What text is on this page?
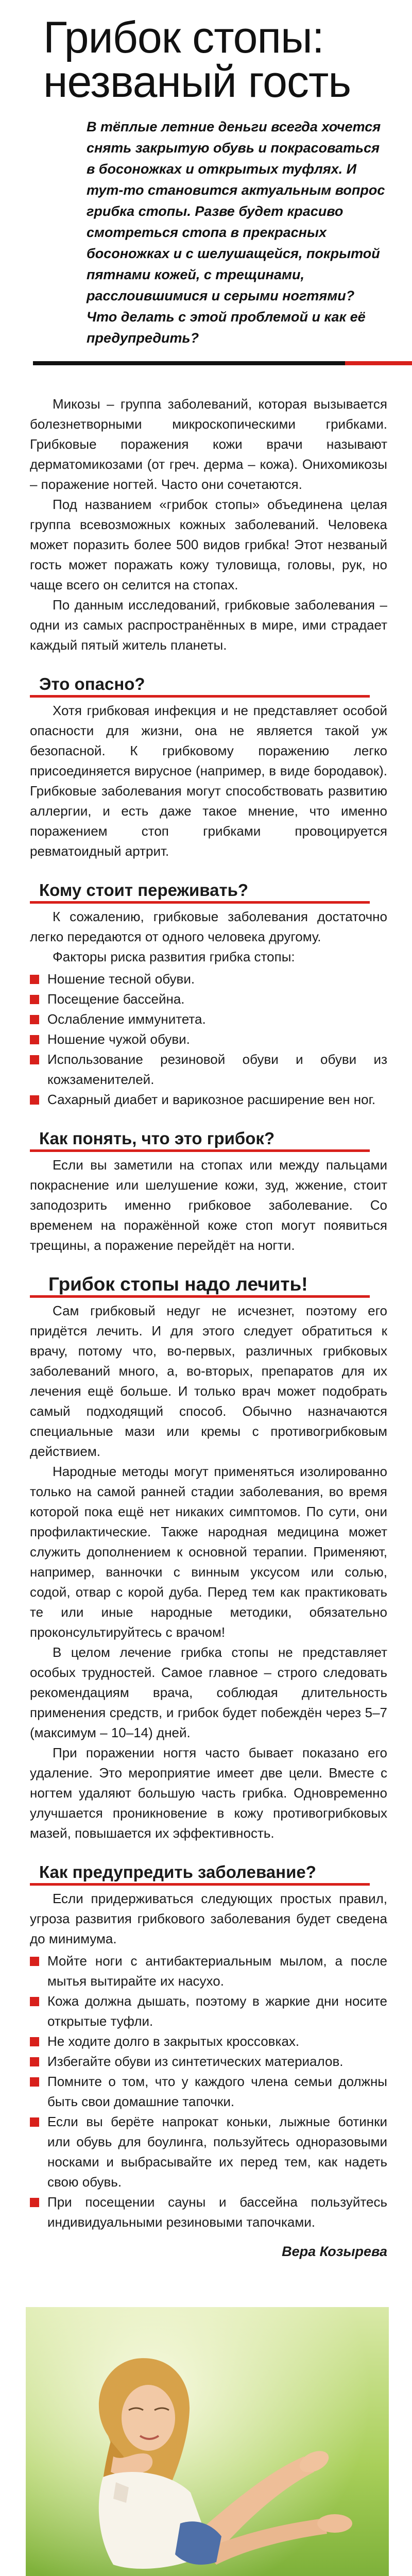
Грибок стопы:
незваный гость

В тёплые летние деньги всегда хочется снять закрытую обувь и покрасоваться в босоножках и открытых туфлях. И тут-то становится актуальным вопрос грибка стопы. Разве будет красиво смотреться стопа в прекрасных босоножках и с шелушащейся, покрытой пятнами кожей, с трещинами, расслоившимися и серыми ногтями? Что делать с этой проблемой и как её предупредить?

Микозы – группа заболеваний, которая вызывается болезнетворными микроскопическими грибками. Грибковые поражения кожи врачи называют дерматомикозами (от греч. дерма – кожа). Онихомикозы – поражение ногтей. Часто они сочетаются.

Под названием «грибок стопы» объединена целая группа всевозможных кожных заболеваний. Человека может поразить более 500 видов грибка! Этот незваный гость может поражать кожу туловища, головы, рук, но чаще всего он селится на стопах.

По данным исследований, грибковые заболевания – одни из самых распространённых в мире, ими страдает каждый пятый житель планеты.

Это опасно?

Хотя грибковая инфекция и не представляет особой опасности для жизни, она не является такой уж безопасной. К грибковому поражению легко присоединяется вирусное (например, в виде бородавок). Грибковые заболевания могут способствовать развитию аллергии, и есть даже такое мнение, что именно поражением стоп грибками провоцируется ревматоидный артрит.

Кому стоит переживать?

К сожалению, грибковые заболевания достаточно легко передаются от одного человека другому.

Факторы риска развития грибка стопы:

Ношение тесной обуви.
Посещение бассейна.
Ослабление иммунитета.
Ношение чужой обуви.
Использование резиновой обуви и обуви из кожзаменителей.
Сахарный диабет и варикозное расширение вен ног.
Как понять, что это грибок?

Если вы заметили на стопах или между пальцами покраснение или шелушение кожи, зуд, жжение, стоит заподозрить именно грибковое заболевание. Со временем на поражённой коже стоп могут появиться трещины, а поражение перейдёт на ногти.

Грибок стопы надо лечить!

Сам грибковый недуг не исчезнет, поэтому его придётся лечить. И для этого следует обратиться к врачу, потому что, во-первых, различных грибковых заболеваний много, а, во-вторых, препаратов для их лечения ещё больше. И только врач может подобрать самый подходящий способ. Обычно назначаются специальные мази или кремы с противогрибковым действием.

Народные методы могут применяться изолированно только на самой ранней стадии заболевания, во время которой пока ещё нет никаких симптомов. По сути, они профилактические. Также народная медицина может служить дополнением к основной терапии. Применяют, например, ванночки с винным уксусом или солью, содой, отвар с корой дуба. Перед тем как практиковать те или иные народные методики, обязательно проконсультируйтесь с врачом!

В целом лечение грибка стопы не представляет особых трудностей. Самое главное – строго следовать рекомендациям врача, соблюдая длительность применения средств, и грибок будет побеждён через 5–7 (максимум – 10–14) дней.

При поражении ногтя часто бывает показано его удаление. Это мероприятие имеет две цели. Вместе с ногтем удаляют большую часть грибка. Одновременно улучшается проникновение в кожу противогрибковых мазей, повышается их эффективность.

Как предупредить заболевание?

Если придерживаться следующих простых правил, угроза развития грибкового заболевания будет сведена до минимума.

Мойте ноги с антибактериальным мылом, а после мытья вытирайте их насухо.
Кожа должна дышать, поэтому в жаркие дни носите открытые туфли.
Не ходите долго в закрытых кроссовках.
Избегайте обуви из синтетических материалов.
Помните о том, что у каждого члена семьи должны быть свои домашние тапочки.
Если вы берёте напрокат коньки, лыжные ботинки или обувь для боулинга, пользуйтесь одноразовыми носками и выбрасывайте их перед тем, как надеть свою обувь.
При посещении сауны и бассейна пользуйтесь индивидуальными резиновыми тапочками.
Вера Козырева
